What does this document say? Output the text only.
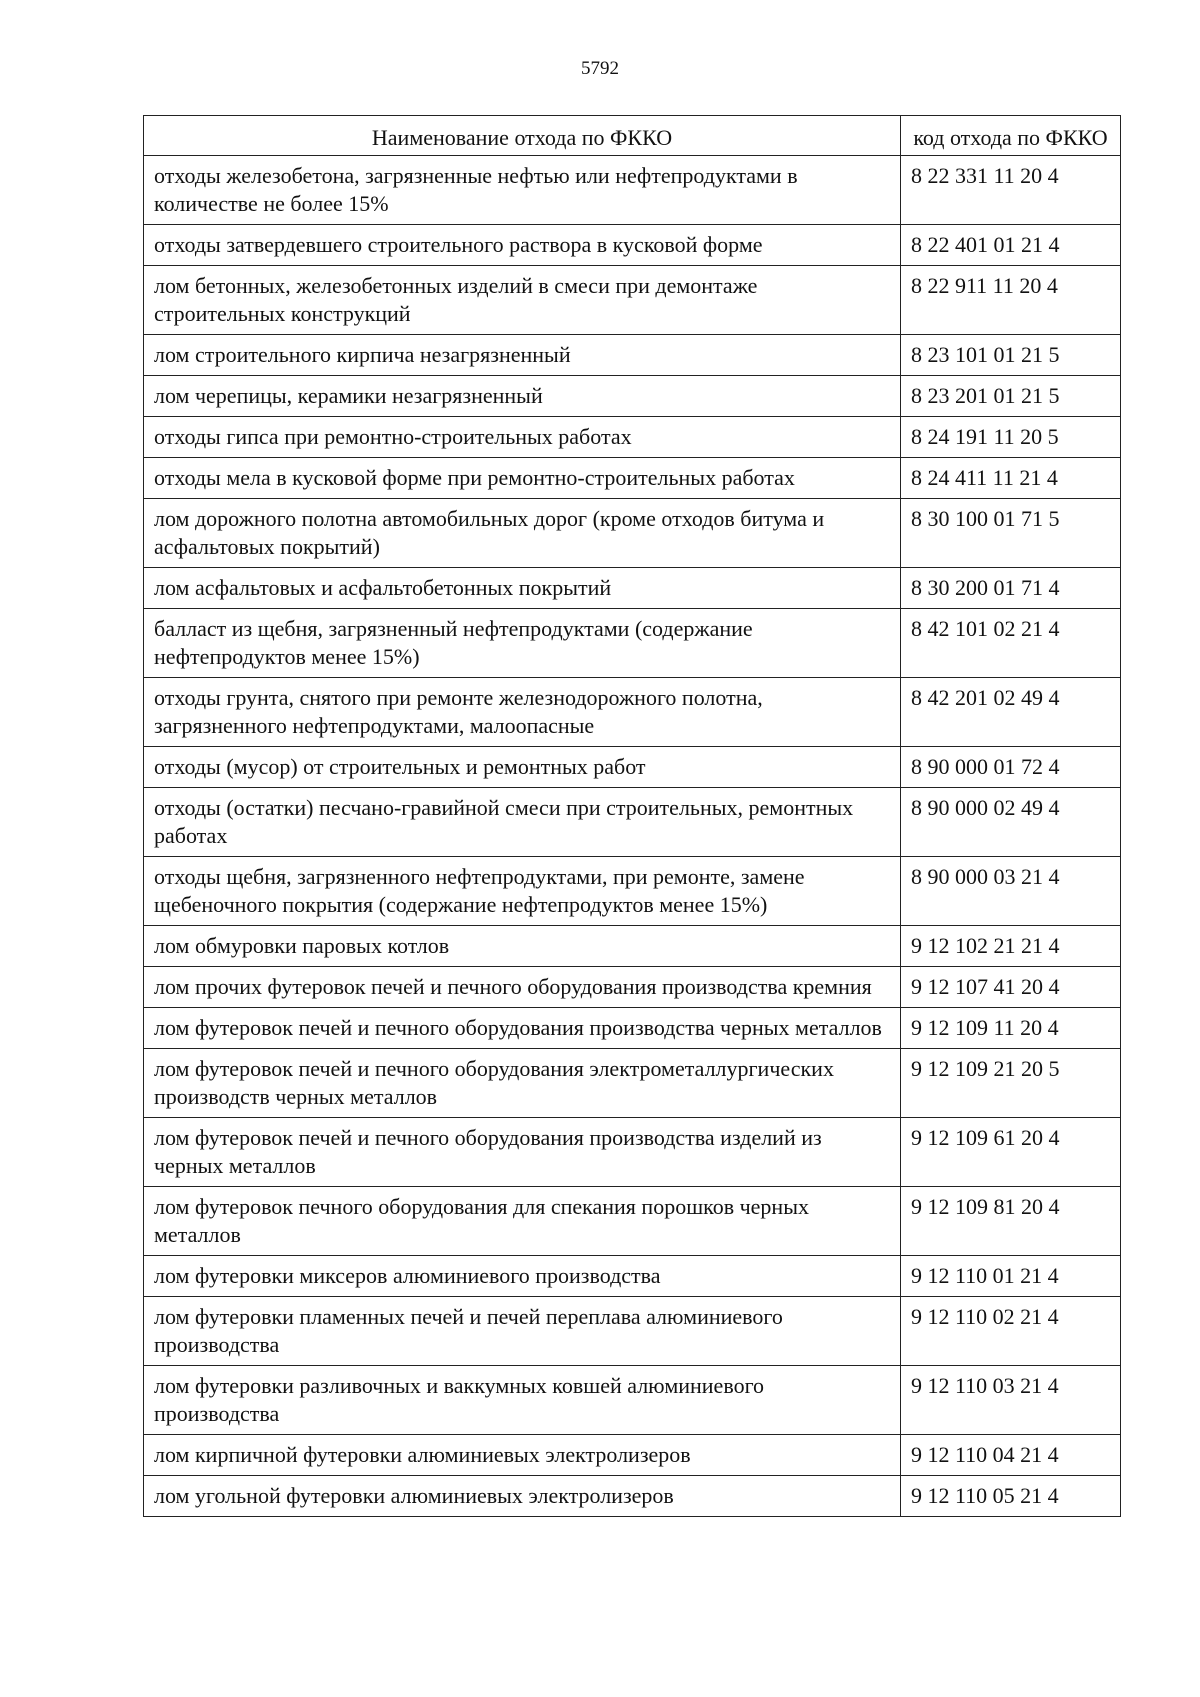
5792
Наименование отхода по ФККО	код отхода по ФККО
отходы железобетона, загрязненные нефтью или нефтепродуктами в количестве не более 15%	8 22 331 11 20 4
отходы затвердевшего строительного раствора в кусковой форме	8 22 401 01 21 4
лом бетонных, железобетонных изделий в смеси при демонтаже строительных конструкций	8 22 911 11 20 4
лом строительного кирпича незагрязненный	8 23 101 01 21 5
лом черепицы, керамики незагрязненный	8 23 201 01 21 5
отходы гипса при ремонтно-строительных работах	8 24 191 11 20 5
отходы мела в кусковой форме при ремонтно-строительных работах	8 24 411 11 21 4
лом дорожного полотна автомобильных дорог (кроме отходов битума и асфальтовых покрытий)	8 30 100 01 71 5
лом асфальтовых и асфальтобетонных покрытий	8 30 200 01 71 4
балласт из щебня, загрязненный нефтепродуктами (содержание нефтепродуктов менее 15%)	8 42 101 02 21 4
отходы грунта, снятого при ремонте железнодорожного полотна, загрязненного нефтепродуктами, малоопасные	8 42 201 02 49 4
отходы (мусор) от строительных и ремонтных работ	8 90 000 01 72 4
отходы (остатки) песчано-гравийной смеси при строительных, ремонтных работах	8 90 000 02 49 4
отходы щебня, загрязненного нефтепродуктами, при ремонте, замене щебеночного покрытия (содержание нефтепродуктов менее 15%)	8 90 000 03 21 4
лом обмуровки паровых котлов	9 12 102 21 21 4
лом прочих футеровок печей и печного оборудования производства кремния	9 12 107 41 20 4
лом футеровок печей и печного оборудования производства черных металлов	9 12 109 11 20 4
лом футеровок печей и печного оборудования электрометаллургических производств черных металлов	9 12 109 21 20 5
лом футеровок печей и печного оборудования производства изделий из черных металлов	9 12 109 61 20 4
лом футеровок печного оборудования для спекания порошков черных металлов	9 12 109 81 20 4
лом футеровки миксеров алюминиевого производства	9 12 110 01 21 4
лом футеровки пламенных печей и печей переплава алюминиевого производства	9 12 110 02 21 4
лом футеровки разливочных и ваккумных ковшей алюминиевого производства	9 12 110 03 21 4
лом кирпичной футеровки алюминиевых электролизеров	9 12 110 04 21 4
лом угольной футеровки алюминиевых электролизеров	9 12 110 05 21 4
